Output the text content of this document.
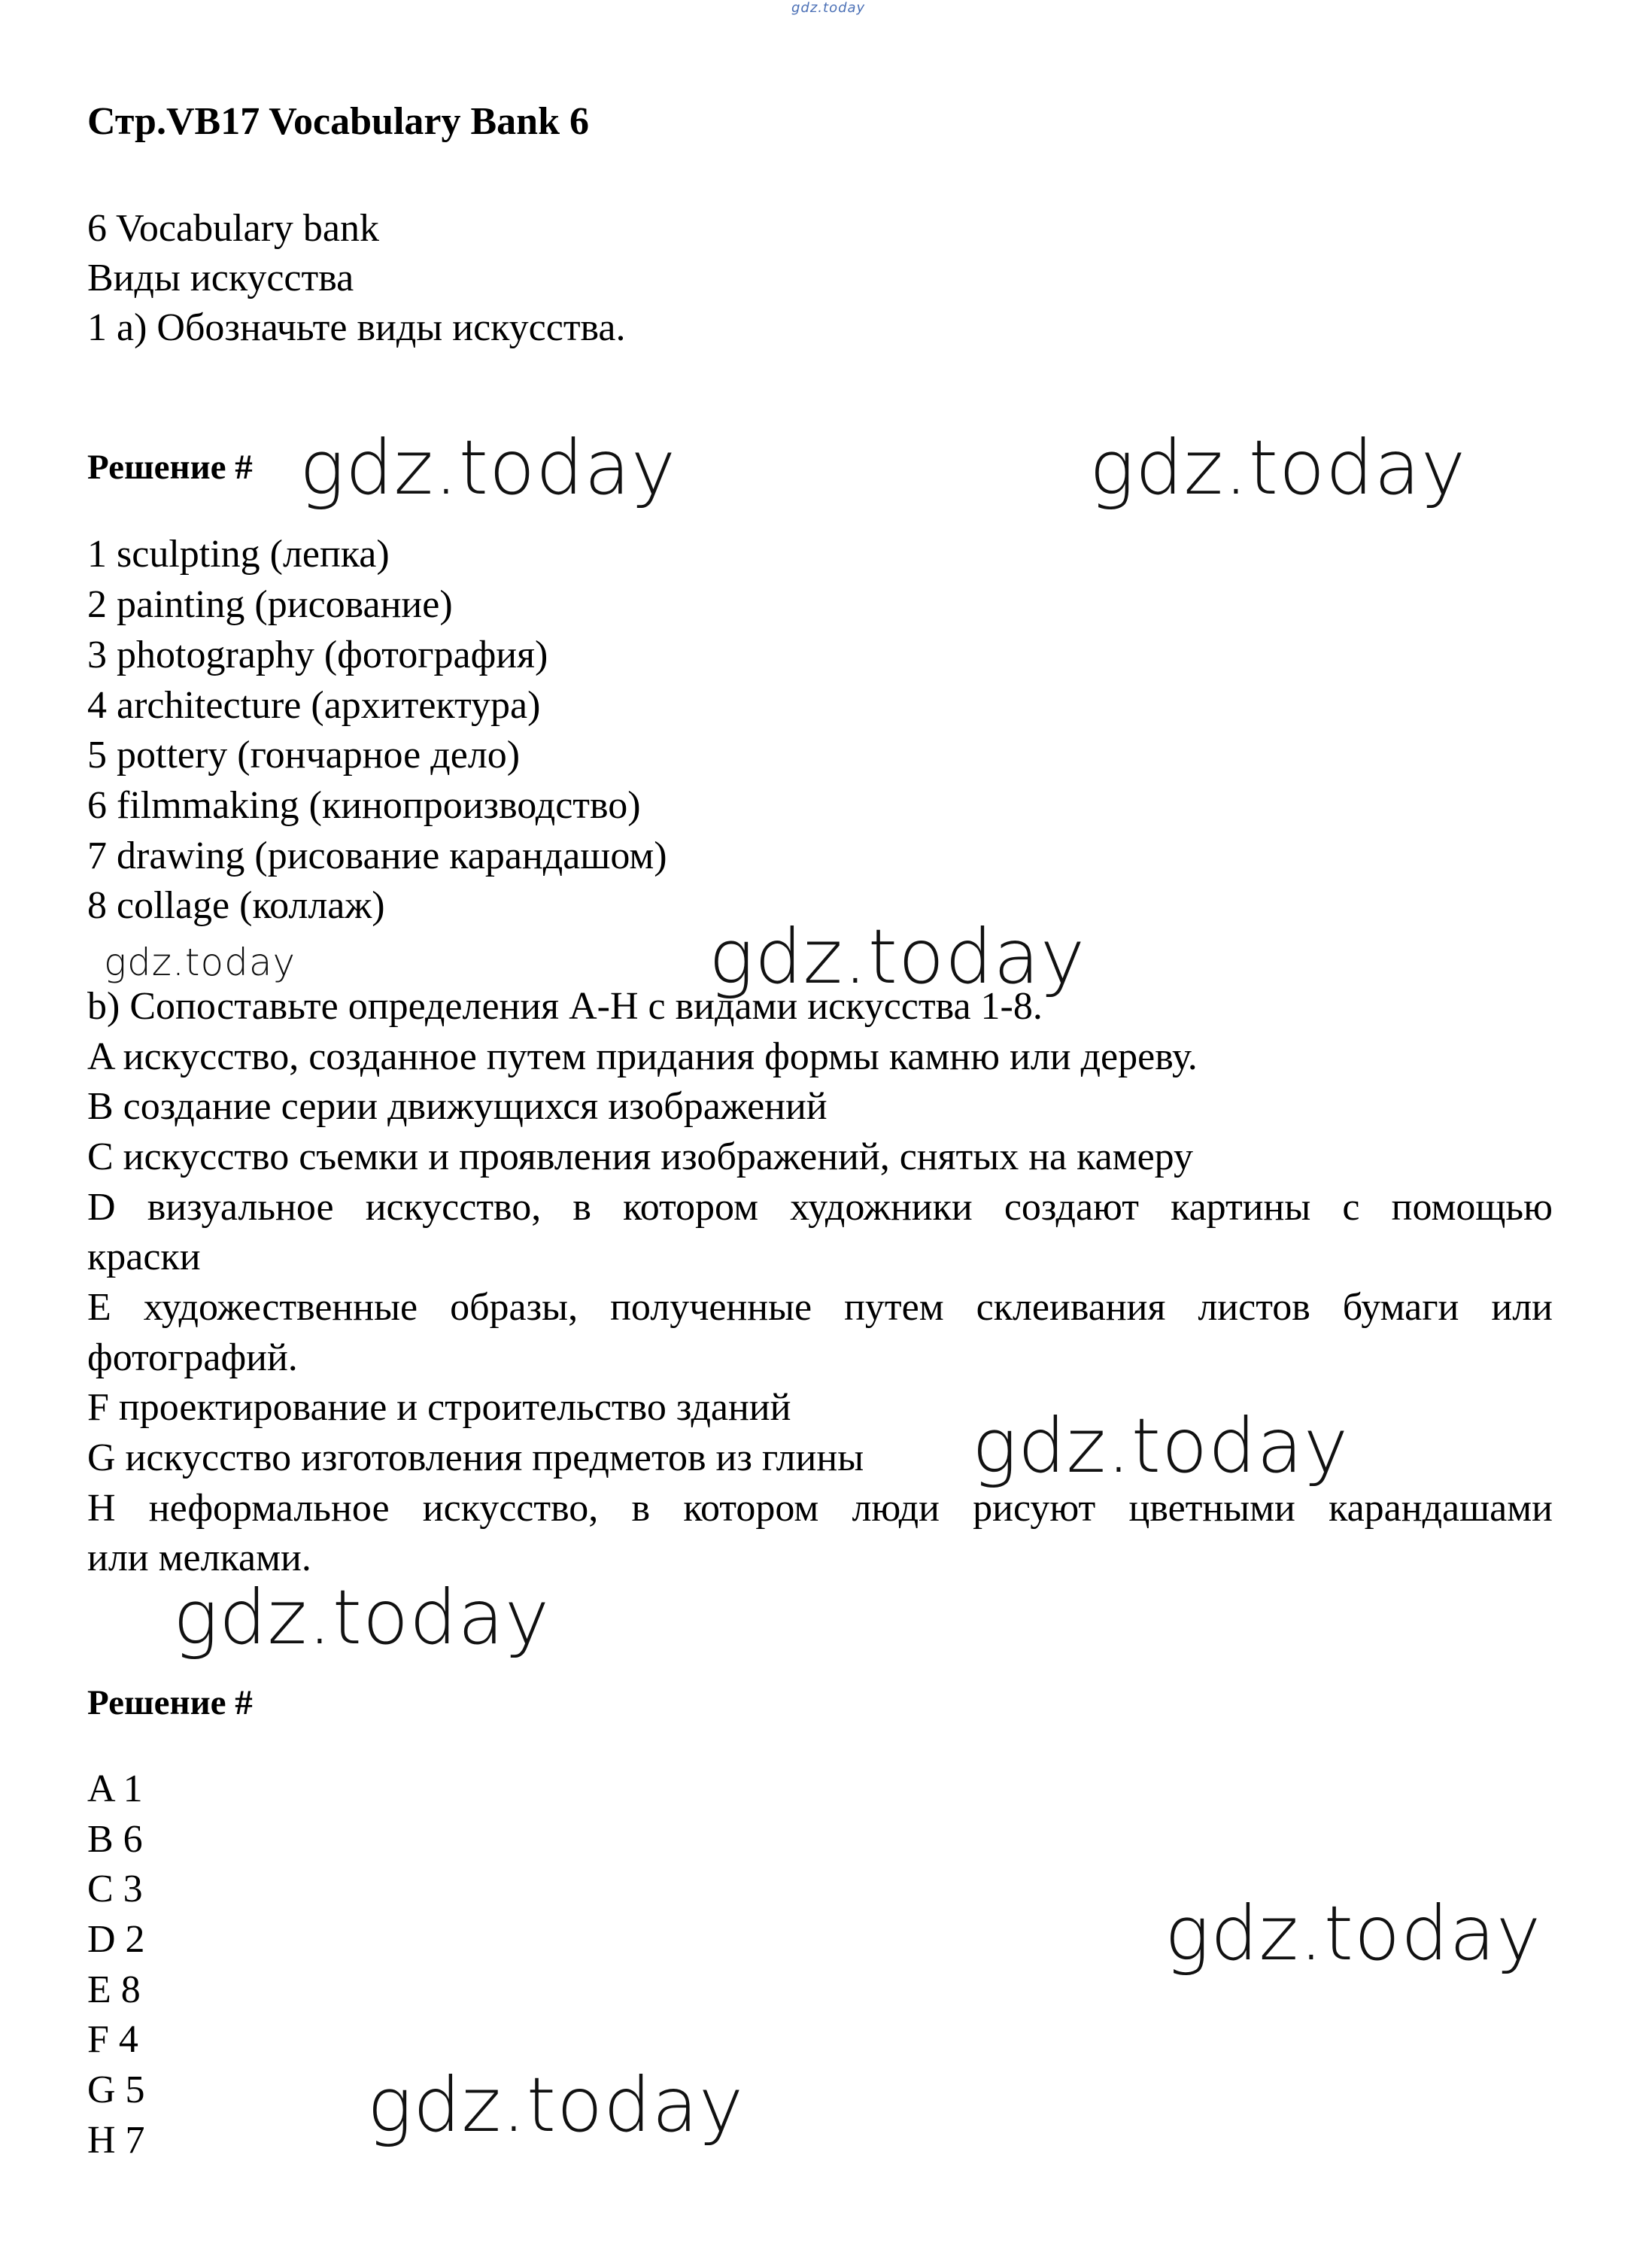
gdz.today
Стр.VB17 Vocabulary Bank 6
6 Vocabulary bank
Виды искусства
1 a) Обозначьте виды искусства.
Решение #
1 sculpting (лепка)
2 painting (рисование)
3 photography (фотография)
4 architecture (архитектура)
5 pottery (гончарное дело)
6 filmmaking (кинопроизводство)
7 drawing (рисование карандашом)
8 collage (коллаж)
b) Сопоставьте определения A-H с видами искусства 1-8.
A искусство, созданное путем придания формы камню или дереву.
B создание серии движущихся изображений
C искусство съемки и проявления изображений, снятых на камеру
D визуальное искусство, в котором художники создают картины с помощью
краски
E художественные образы, полученные путем склеивания листов бумаги или
фотографий.
F проектирование и строительство зданий
G искусство изготовления предметов из глины
H неформальное искусство, в котором люди рисуют цветными карандашами
или мелками.
Решение #
A 1
B 6
C 3
D 2
E 8
F 4
G 5
H 7
gdz.today	gdz.today
gdz.today	gdz.today
gdz.today
gdz.today
gdz.today
gdz.today
